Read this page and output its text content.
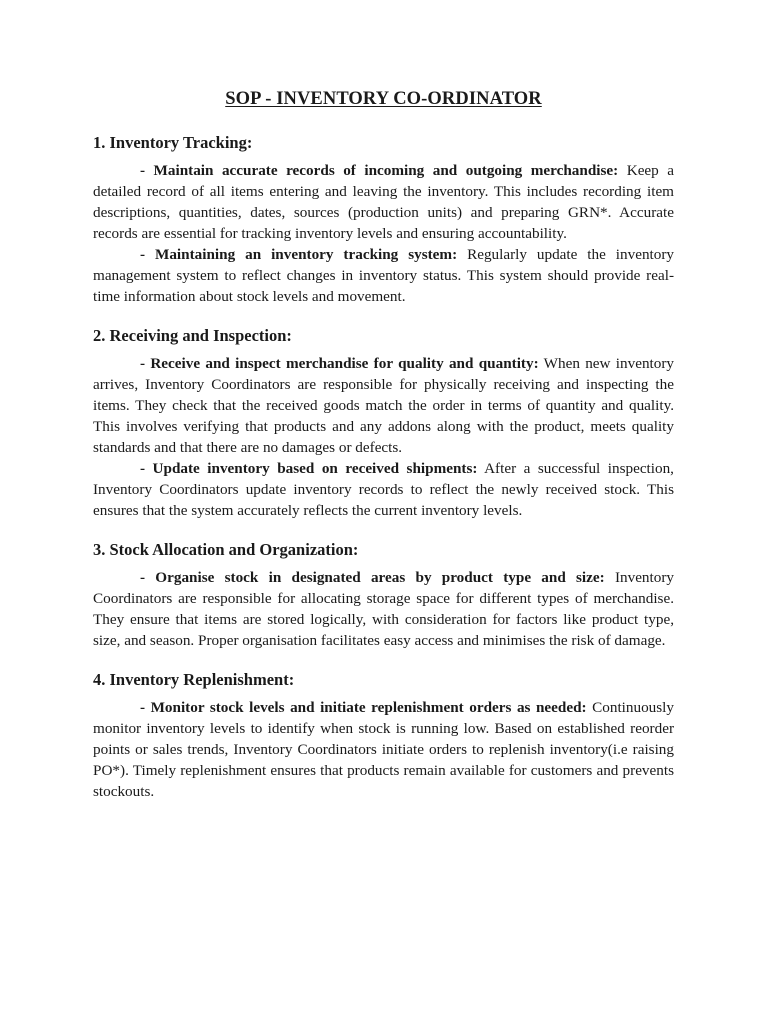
SOP - INVENTORY CO-ORDINATOR
1. Inventory Tracking:

- Maintain accurate records of incoming and outgoing merchandise: Keep a detailed record of all items entering and leaving the inventory. This includes recording item descriptions, quantities, dates, sources (production units) and preparing GRN*. Accurate records are essential for tracking inventory levels and ensuring accountability.

- Maintaining an inventory tracking system: Regularly update the inventory management system to reflect changes in inventory status. This system should provide real-time information about stock levels and movement.

2. Receiving and Inspection:

- Receive and inspect merchandise for quality and quantity: When new inventory arrives, Inventory Coordinators are responsible for physically receiving and inspecting the items. They check that the received goods match the order in terms of quantity and quality. This involves verifying that products and any addons along with the product, meets quality standards and that there are no damages or defects.

- Update inventory based on received shipments: After a successful inspection, Inventory Coordinators update inventory records to reflect the newly received stock. This ensures that the system accurately reflects the current inventory levels.

3. Stock Allocation and Organization:

- Organise stock in designated areas by product type and size: Inventory Coordinators are responsible for allocating storage space for different types of merchandise. They ensure that items are stored logically, with consideration for factors like product type, size, and season. Proper organisation facilitates easy access and minimises the risk of damage.

4. Inventory Replenishment:

- Monitor stock levels and initiate replenishment orders as needed: Continuously monitor inventory levels to identify when stock is running low. Based on established reorder points or sales trends, Inventory Coordinators initiate orders to replenish inventory(i.e raising PO*). Timely replenishment ensures that products remain available for customers and prevents stockouts.
